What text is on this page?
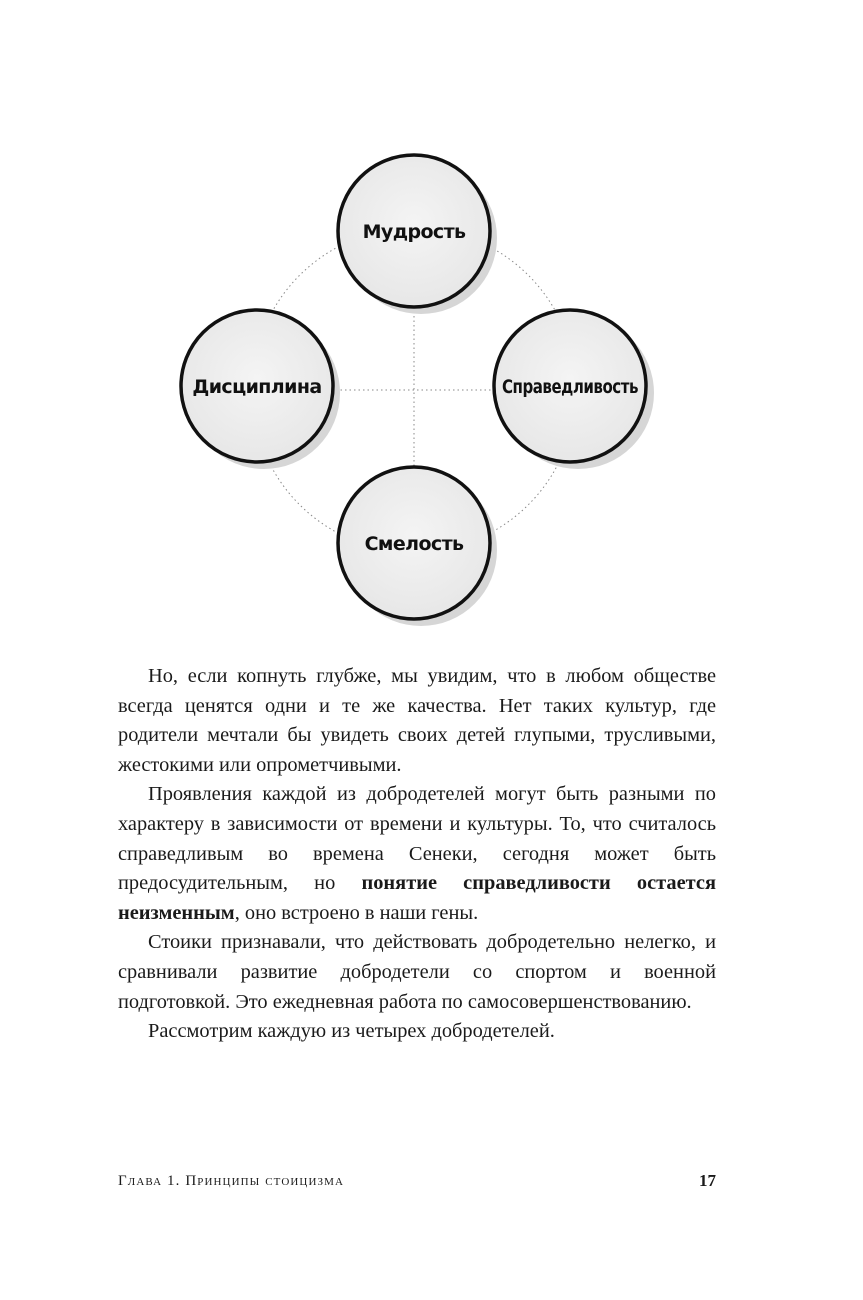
Мудрость
Дисциплина	Справедливость
Смелость

Но, если копнуть глубже, мы увидим, что в любом обществе всегда ценятся одни и те же качества. Нет таких культур, где родители мечтали бы увидеть своих детей глупыми, трусливыми, жестокими или опрометчивыми.

Проявления каждой из добродетелей могут быть разными по характеру в зависимости от времени и культуры. То, что считалось справедливым во времена Сенеки, сегодня может быть предосудительным, но понятие справедливости остается неизменным, оно встроено в наши гены.

Стоики признавали, что действовать добродетельно нелегко, и сравнивали развитие добродетели со спортом и военной подготовкой. Это ежедневная работа по самосовершенствованию.

Рассмотрим каждую из четырех добродетелей.

Глава 1. Принципы стоицизма	17
